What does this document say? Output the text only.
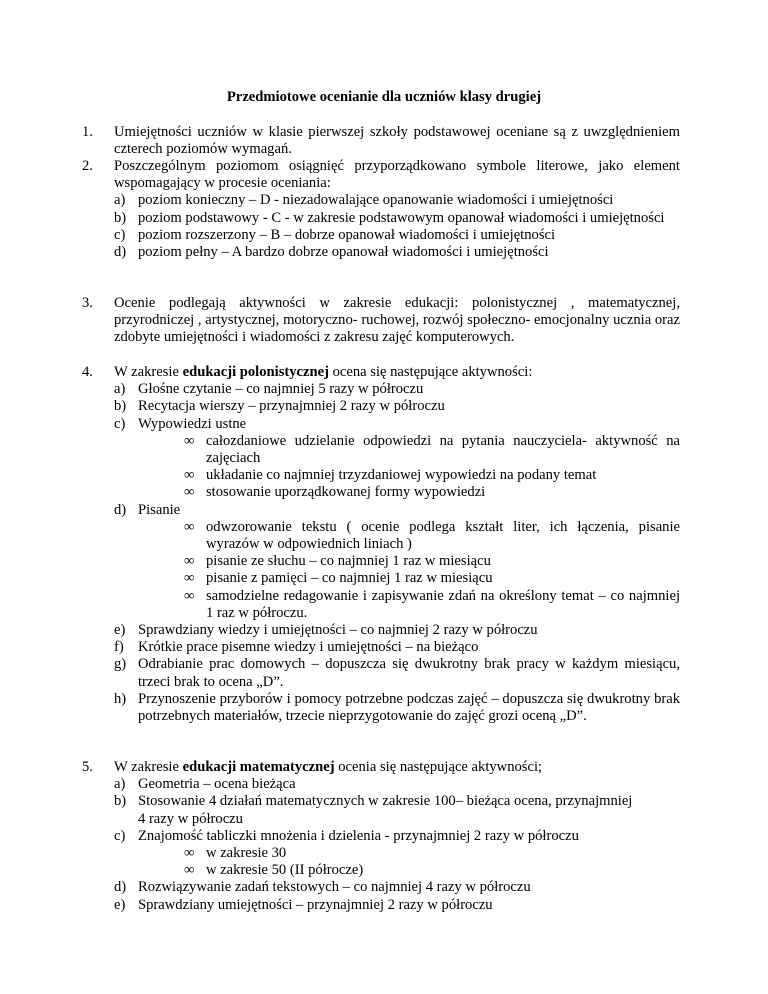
Przedmiotowe ocenianie dla uczniów klasy drugiej
1. Umiejętności uczniów w klasie pierwszej szkoły podstawowej oceniane są z uwzględnieniem czterech poziomów wymagań.

2. Poszczególnym poziomom osiągnięć przyporządkowano symbole literowe, jako element wspomagający w procesie oceniania:

a) poziom konieczny – D - niezadowalające opanowanie wiadomości i umiejętności
b) poziom podstawowy - C - w zakresie podstawowym opanował wiadomości i umiejętności
c) poziom rozszerzony – B – dobrze opanował wiadomości i umiejętności
d) poziom pełny – A bardzo dobrze opanował wiadomości i umiejętności
3. Ocenie podlegają aktywności w zakresie edukacji: polonistycznej , matematycznej, przyrodniczej , artystycznej, motoryczno- ruchowej, rozwój społeczno- emocjonalny ucznia oraz zdobyte umiejętności i wiadomości z zakresu zajęć komputerowych.

4. W zakresie edukacji polonistycznej ocena się następujące aktywności:

a) Głośne czytanie – co najmniej 5 razy w półroczu
b) Recytacja wierszy – przynajmniej 2 razy w półroczu
c) Wypowiedzi ustne
∞ całozdaniowe udzielanie odpowiedzi na pytania nauczyciela- aktywność na zajęciach
∞ układanie co najmniej trzyzdaniowej wypowiedzi na podany temat
∞ stosowanie uporządkowanej formy wypowiedzi
d) Pisanie
∞ odwzorowanie tekstu ( ocenie podlega kształt liter, ich łączenia, pisanie wyrazów w odpowiednich liniach )
∞ pisanie ze słuchu – co najmniej 1 raz w miesiącu
∞ pisanie z pamięci – co najmniej 1 raz w miesiącu
∞ samodzielne redagowanie i zapisywanie zdań na określony temat – co najmniej 1 raz w półroczu.
e) Sprawdziany wiedzy i umiejętności – co najmniej 2 razy w półroczu
f) Krótkie prace pisemne wiedzy i umiejętności – na bieżąco
g) Odrabianie prac domowych – dopuszcza się dwukrotny brak pracy w każdym miesiącu, trzeci brak to ocena „D”.
h) Przynoszenie przyborów i pomocy potrzebne podczas zajęć – dopuszcza się dwukrotny brak potrzebnych materiałów, trzecie nieprzygotowanie do zajęć grozi oceną „D”.
5. W zakresie edukacji matematycznej ocenia się następujące aktywności;

a) Geometria – ocena bieżąca
b) Stosowanie 4 działań matematycznych w zakresie 100– bieżąca ocena, przynajmniej
4 razy w półroczu
c) Znajomość tabliczki mnożenia i dzielenia - przynajmniej 2 razy w półroczu
∞ w zakresie 30
∞ w zakresie 50 (II półrocze)
d) Rozwiązywanie zadań tekstowych – co najmniej 4 razy w półroczu
e) Sprawdziany umiejętności – przynajmniej 2 razy w półroczu
